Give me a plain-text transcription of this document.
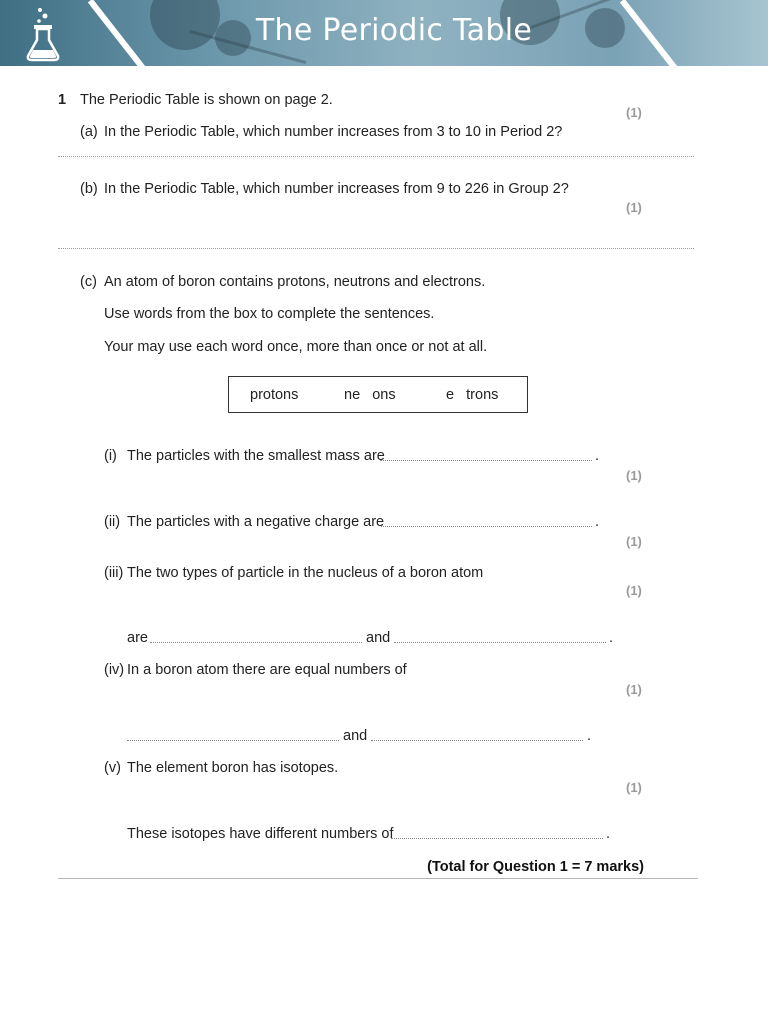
The Periodic Table
1 The Periodic Table is shown on page 2.
(1)
(a) In the Periodic Table, which number increases from 3 to 10 in Period 2?
(b) In the Periodic Table, which number increases from 9 to 226 in Group 2?
(1)
(c) An atom of boron contains protons, neutrons and electrons.
Use words from the box to complete the sentences.
Your may use each word once, more than once or not at all.
protons	ne   ons	e   trons
(i) The particles with the smallest mass are	.
(1)
(ii) The particles with a negative charge are	.
(1)
(iii) The two types of particle in the nucleus of a boron atom
(1)
are	and	.
(iv) In a boron atom there are equal numbers of
(1)
and	.
(v) The element boron has isotopes.
(1)
These isotopes have different numbers of	.
(Total for Question 1 = 7 marks)
